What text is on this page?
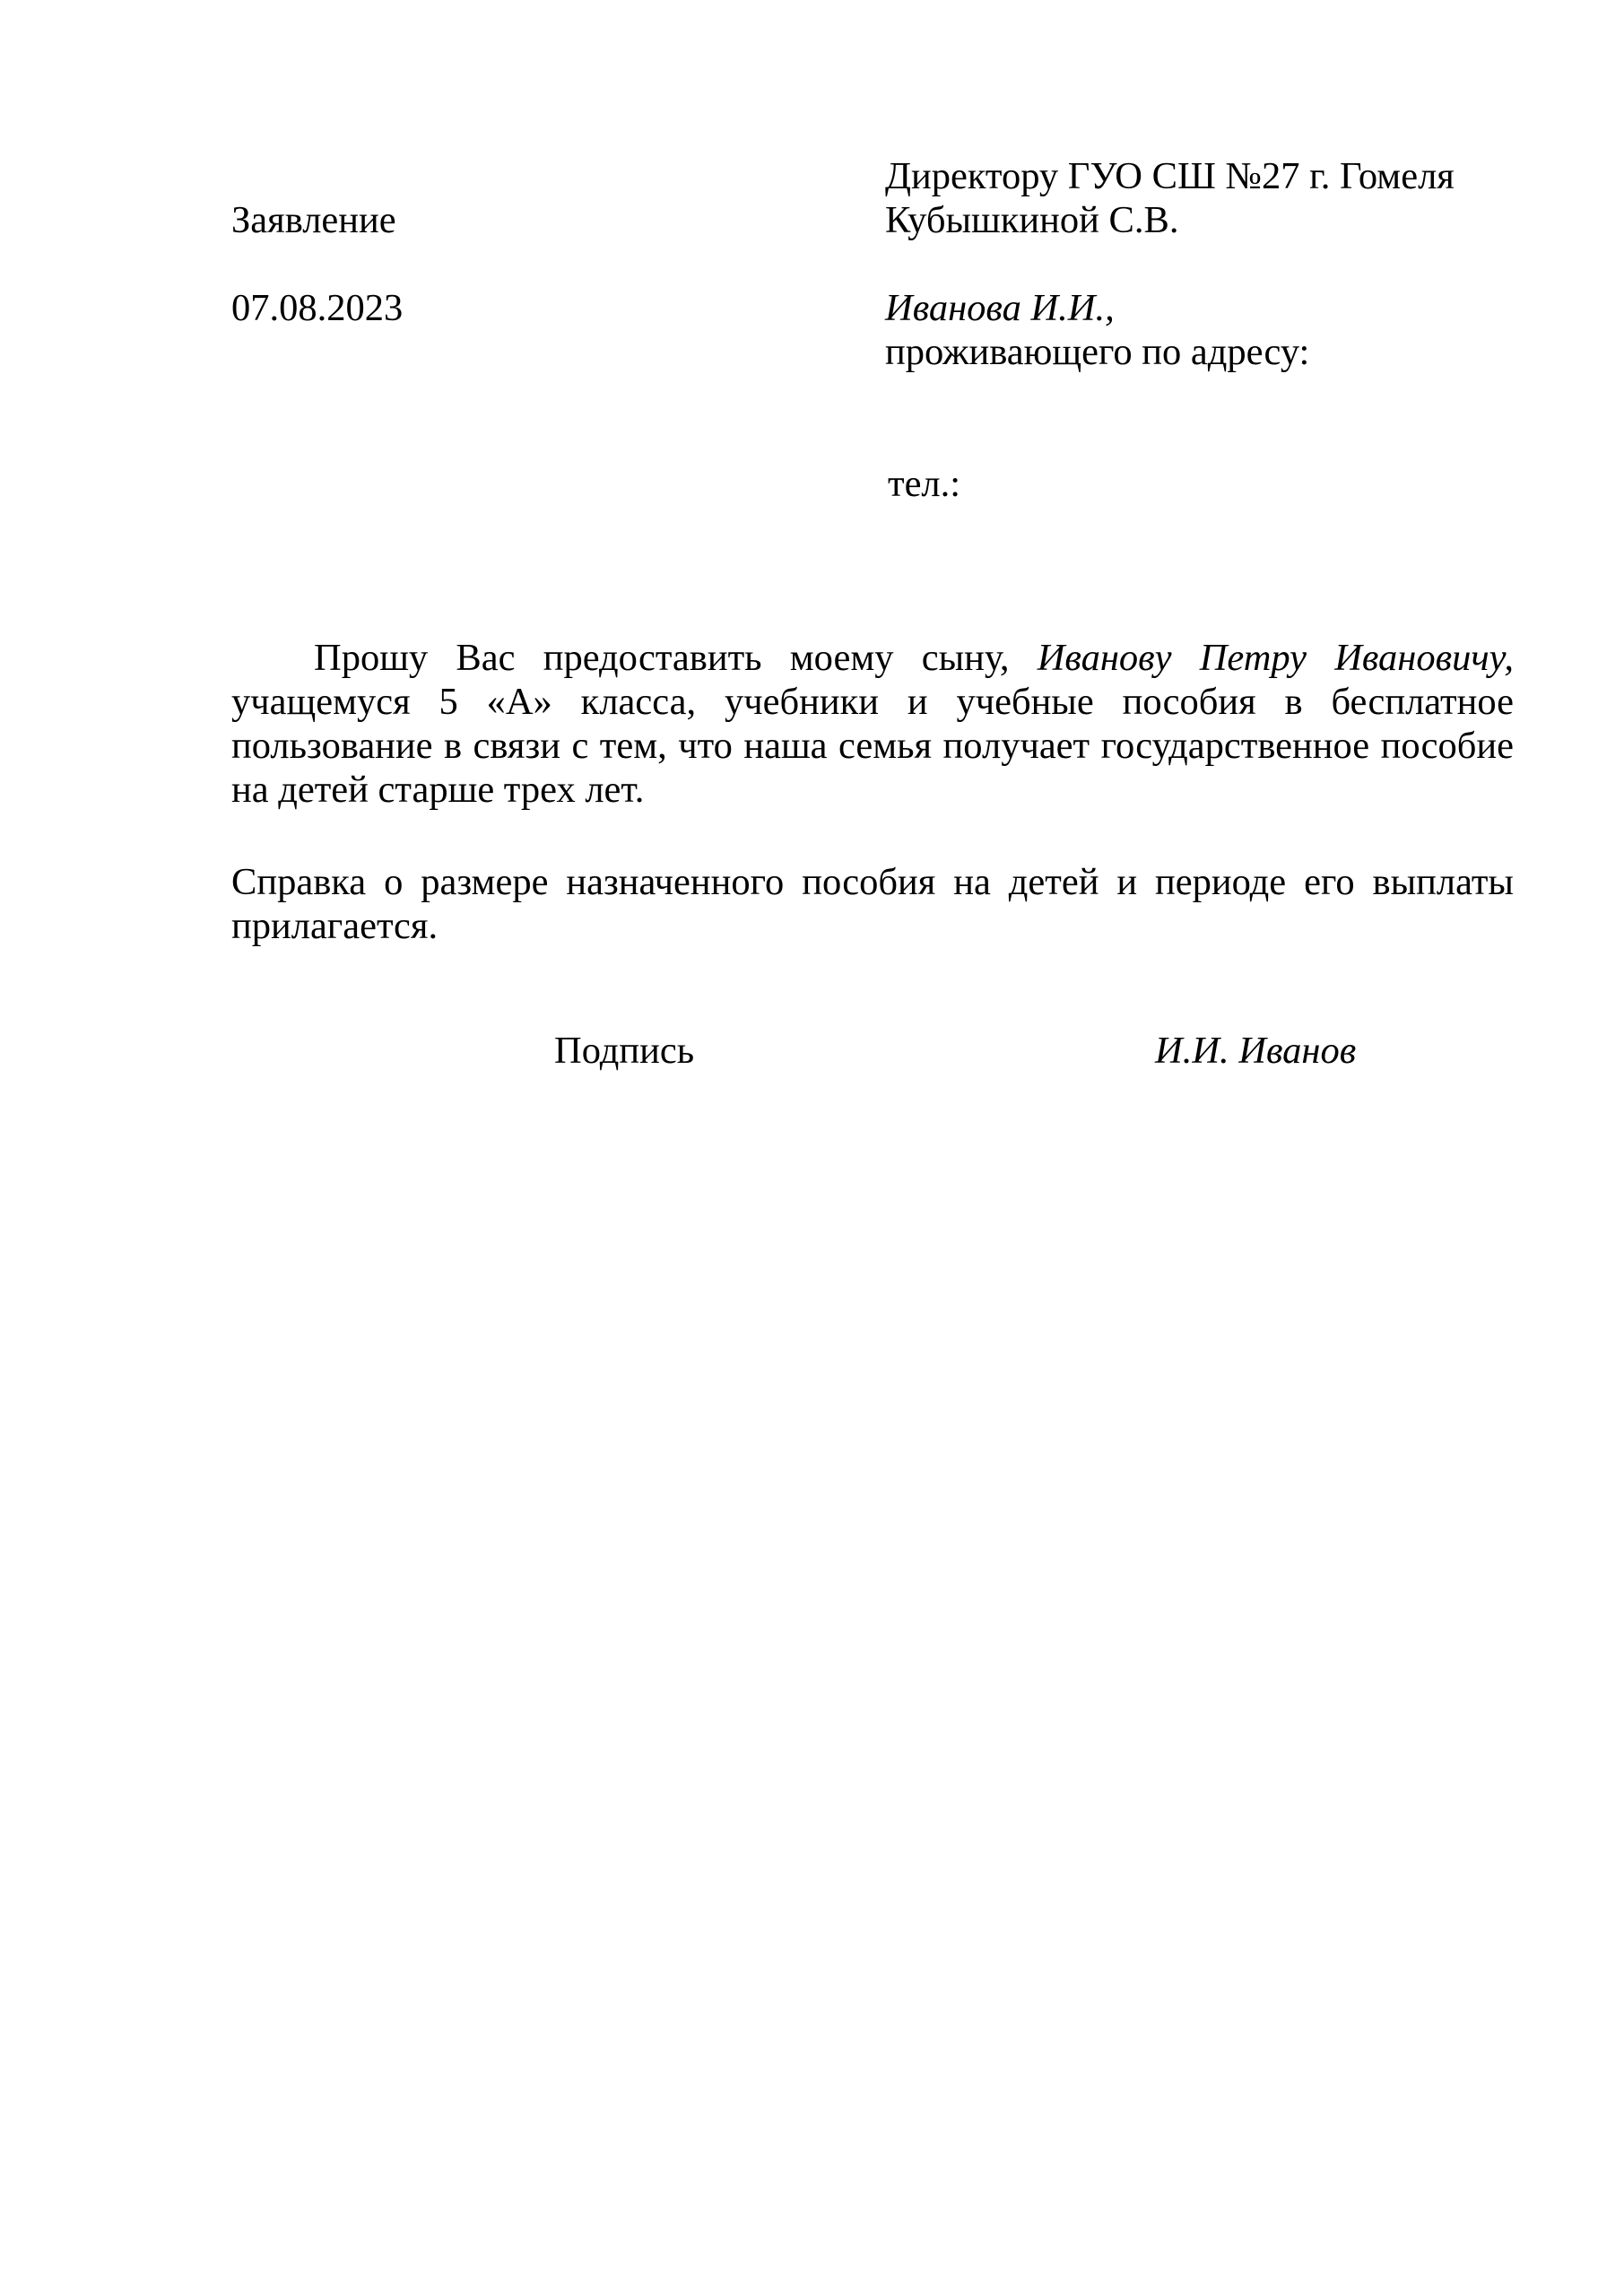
Заявление

07.08.2023

Директору ГУО СШ №27 г. Гомеля
Кубышкиной С.В.
Иванова И.И.,
проживающего по адресу:
тел.:
Прошу Вас предоставить моему сыну, Иванову Петру Ивановичу, учащемуся 5 «А» класса, учебники и учебные пособия в бесплатное пользование в связи с тем, что наша семья получает государственное пособие на детей старше трех лет.
Справка о размере назначенного пособия на детей и периоде его выплаты прилагается.
Подпись	И.И. Иванов
